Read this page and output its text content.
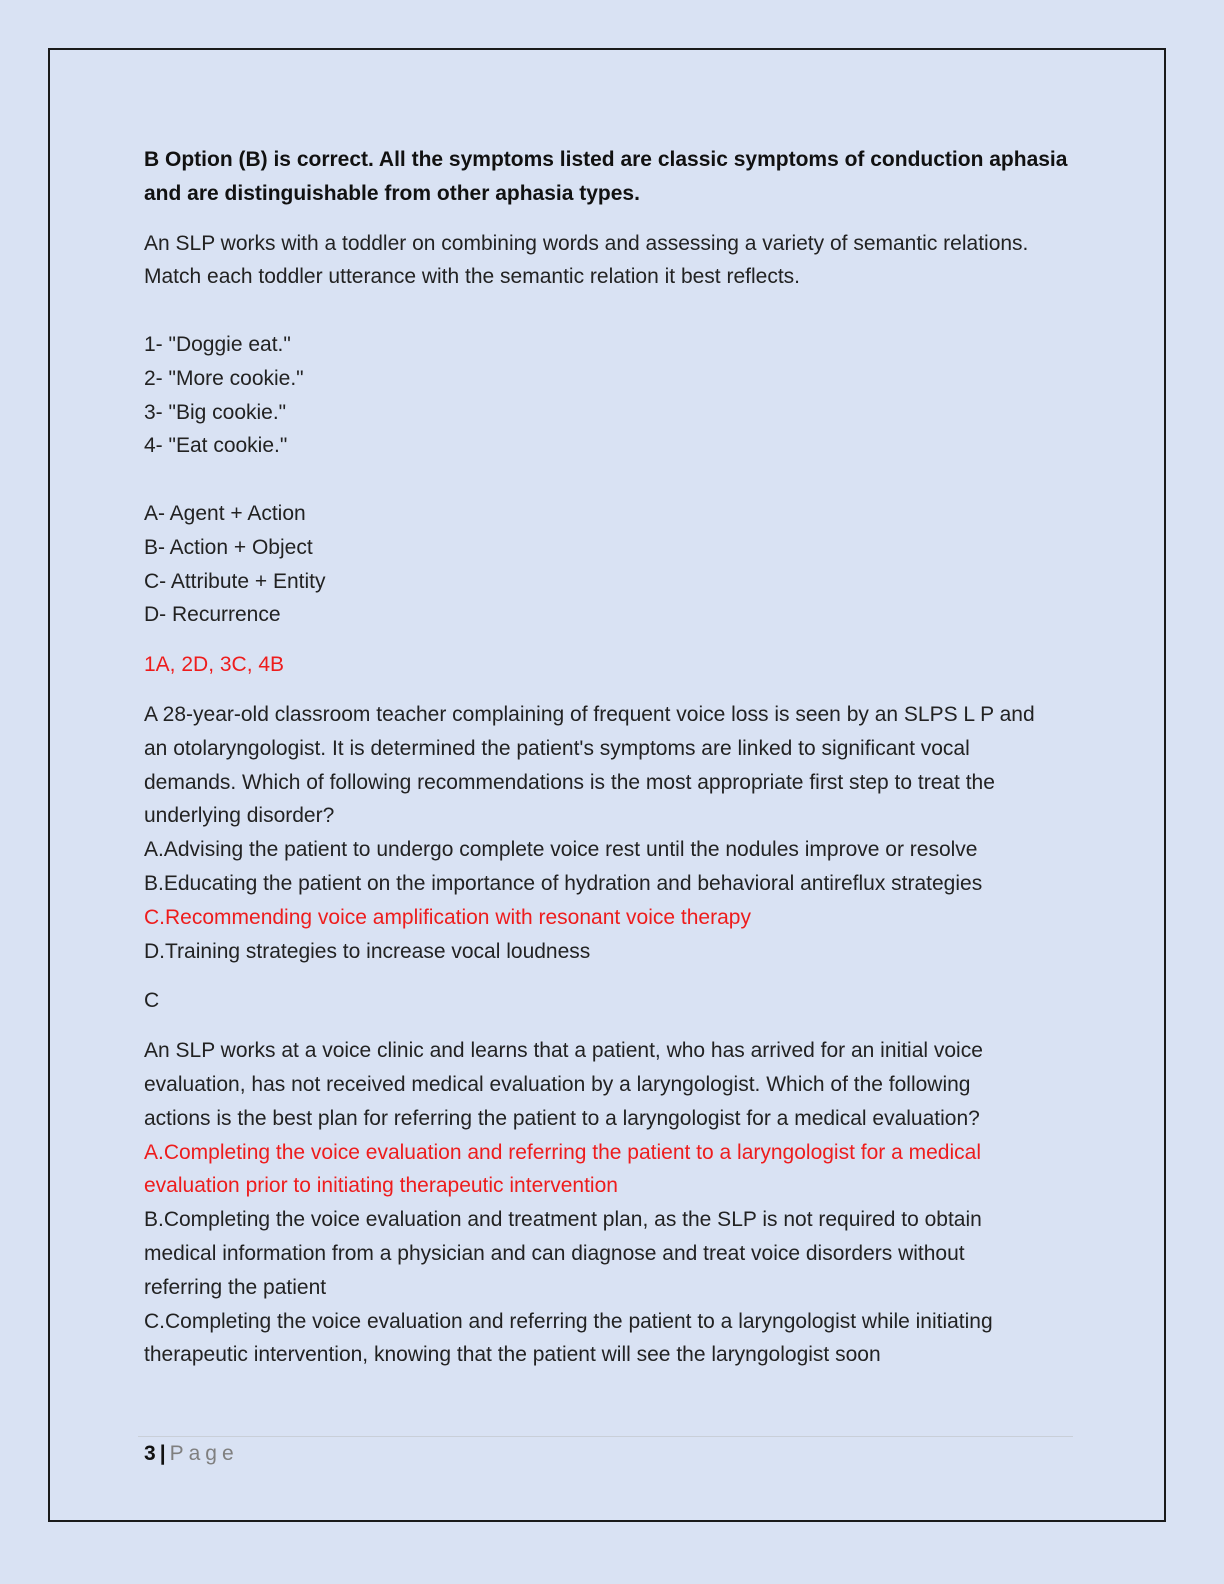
B Option (B) is correct. All the symptoms listed are classic symptoms of conduction aphasia

and are distinguishable from other aphasia types.

An SLP works with a toddler on combining words and assessing a variety of semantic relations.

Match each toddler utterance with the semantic relation it best reflects.

1- "Doggie eat."

2- "More cookie."

3- "Big cookie."

4- "Eat cookie."

A- Agent + Action

B- Action + Object

C- Attribute + Entity

D- Recurrence

1A, 2D, 3C, 4B

A 28-year-old classroom teacher complaining of frequent voice loss is seen by an SLPS L P and

an otolaryngologist. It is determined the patient's symptoms are linked to significant vocal

demands. Which of following recommendations is the most appropriate first step to treat the

underlying disorder?

A.Advising the patient to undergo complete voice rest until the nodules improve or resolve

B.Educating the patient on the importance of hydration and behavioral antireflux strategies

C.Recommending voice amplification with resonant voice therapy

D.Training strategies to increase vocal loudness

C

An SLP works at a voice clinic and learns that a patient, who has arrived for an initial voice

evaluation, has not received medical evaluation by a laryngologist. Which of the following

actions is the best plan for referring the patient to a laryngologist for a medical evaluation?

A.Completing the voice evaluation and referring the patient to a laryngologist for a medical

evaluation prior to initiating therapeutic intervention

B.Completing the voice evaluation and treatment plan, as the SLP is not required to obtain

medical information from a physician and can diagnose and treat voice disorders without

referring the patient

C.Completing the voice evaluation and referring the patient to a laryngologist while initiating

therapeutic intervention, knowing that the patient will see the laryngologist soon

3 | Page
